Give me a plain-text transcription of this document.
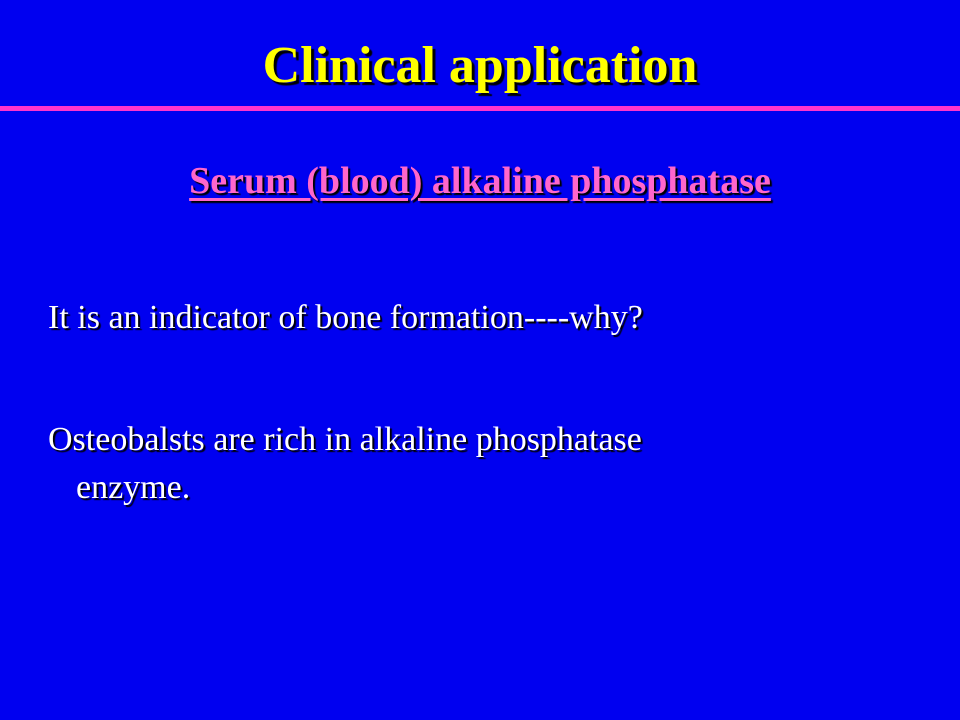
Clinical application
Serum (blood) alkaline phosphatase
It is an indicator of bone formation----why?
Osteobalsts are rich in alkaline phosphatase
enzyme.
